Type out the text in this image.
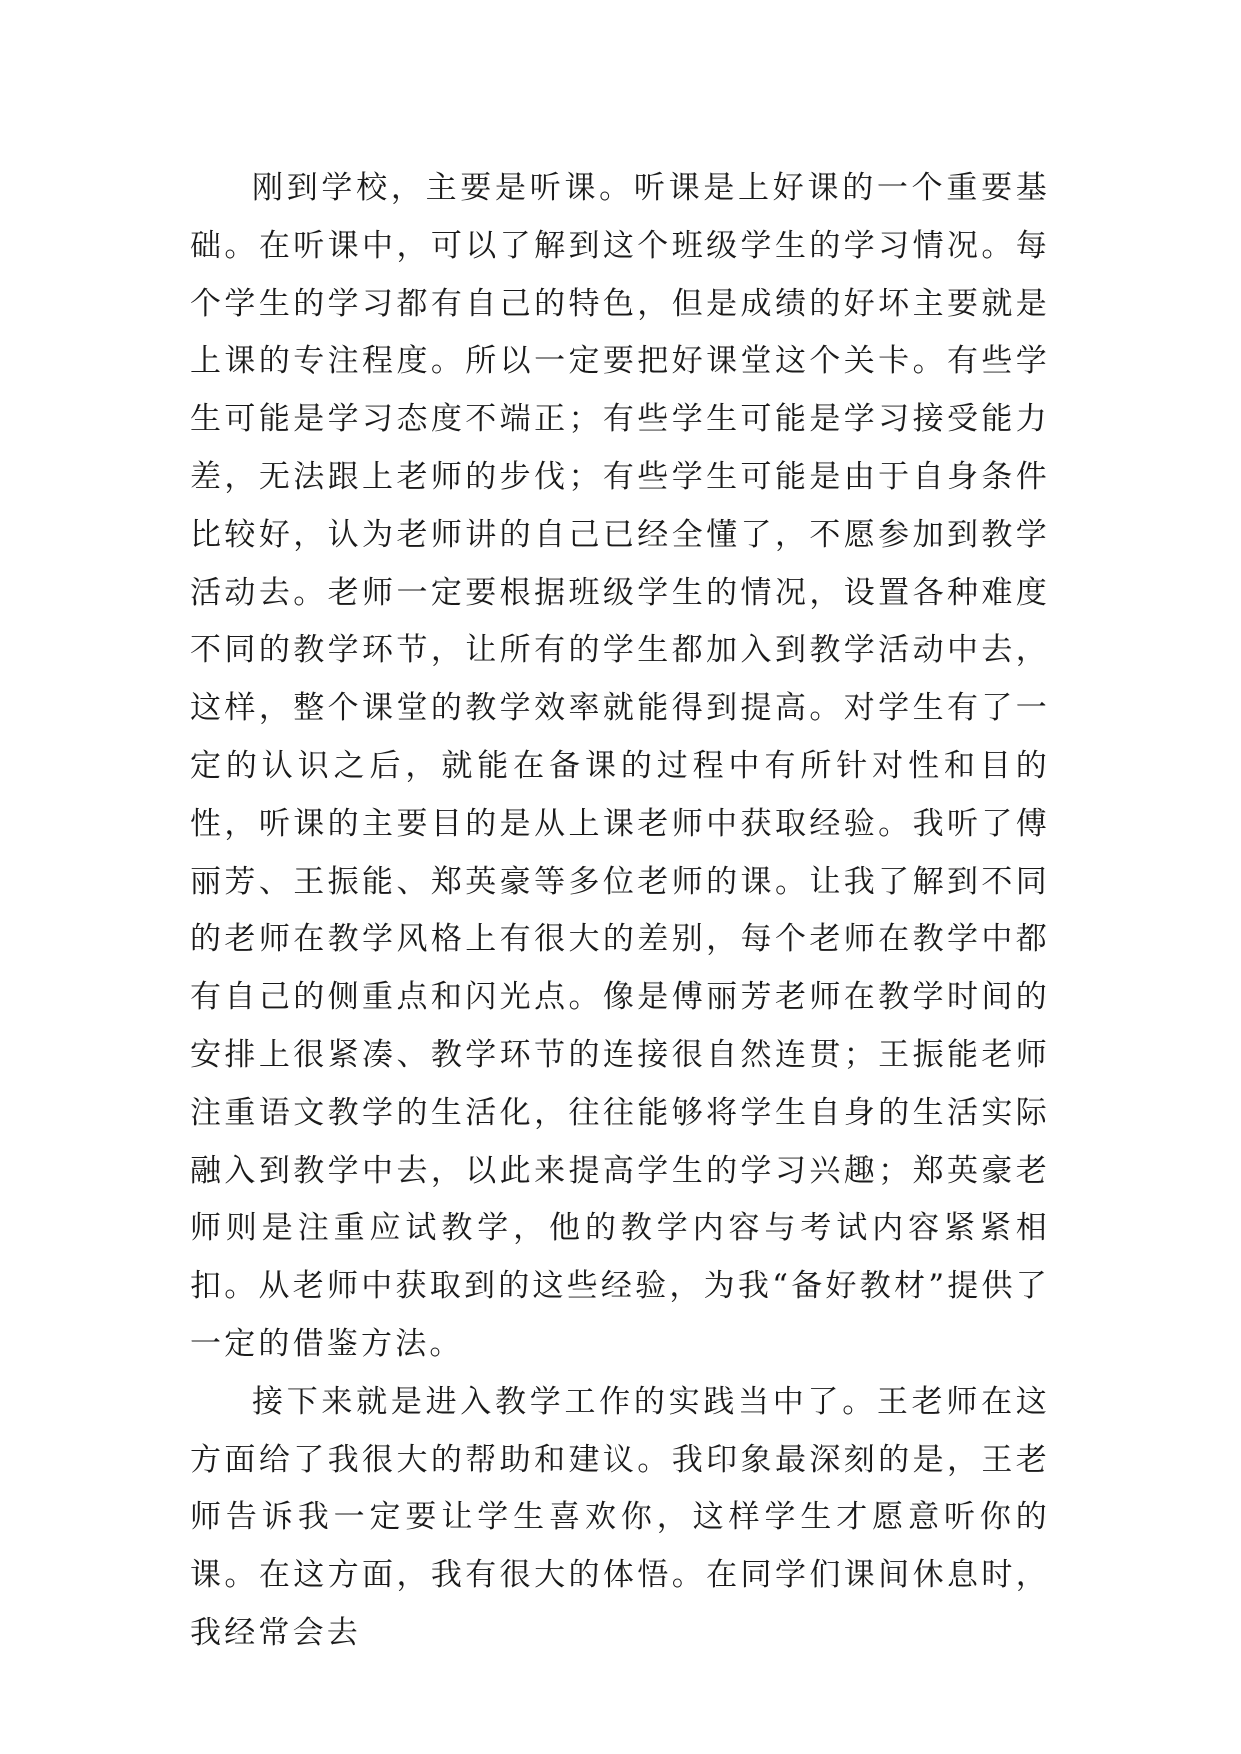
刚到学校，主要是听课。听课是上好课的一个重要基础。在听课中，可以了解到这个班级学生的学习情况。每个学生的学习都有自己的特色，但是成绩的好坏主要就是上课的专注程度。所以一定要把好课堂这个关卡。有些学生可能是学习态度不端正；有些学生可能是学习接受能力差，无法跟上老师的步伐；有些学生可能是由于自身条件比较好，认为老师讲的自己已经全懂了，不愿参加到教学活动去。老师一定要根据班级学生的情况，设置各种难度不同的教学环节，让所有的学生都加入到教学活动中去，这样，整个课堂的教学效率就能得到提高。对学生有了一定的认识之后，就能在备课的过程中有所针对性和目的性，听课的主要目的是从上课老师中获取经验。我听了傅丽芳、王振能、郑英豪等多位老师的课。让我了解到不同的老师在教学风格上有很大的差别，每个老师在教学中都有自己的侧重点和闪光点。像是傅丽芳老师在教学时间的安排上很紧凑、教学环节的连接很自然连贯；王振能老师注重语文教学的生活化，往往能够将学生自身的生活实际融入到教学中去，以此来提高学生的学习兴趣；郑英豪老师则是注重应试教学，他的教学内容与考试内容紧紧相扣。从老师中获取到的这些经验，为我“备好教材”提供了一定的借鉴方法。

接下来就是进入教学工作的实践当中了。王老师在这方面给了我很大的帮助和建议。我印象最深刻的是，王老师告诉我一定要让学生喜欢你，这样学生才愿意听你的课。在这方面，我有很大的体悟。在同学们课间休息时，我经常会去
